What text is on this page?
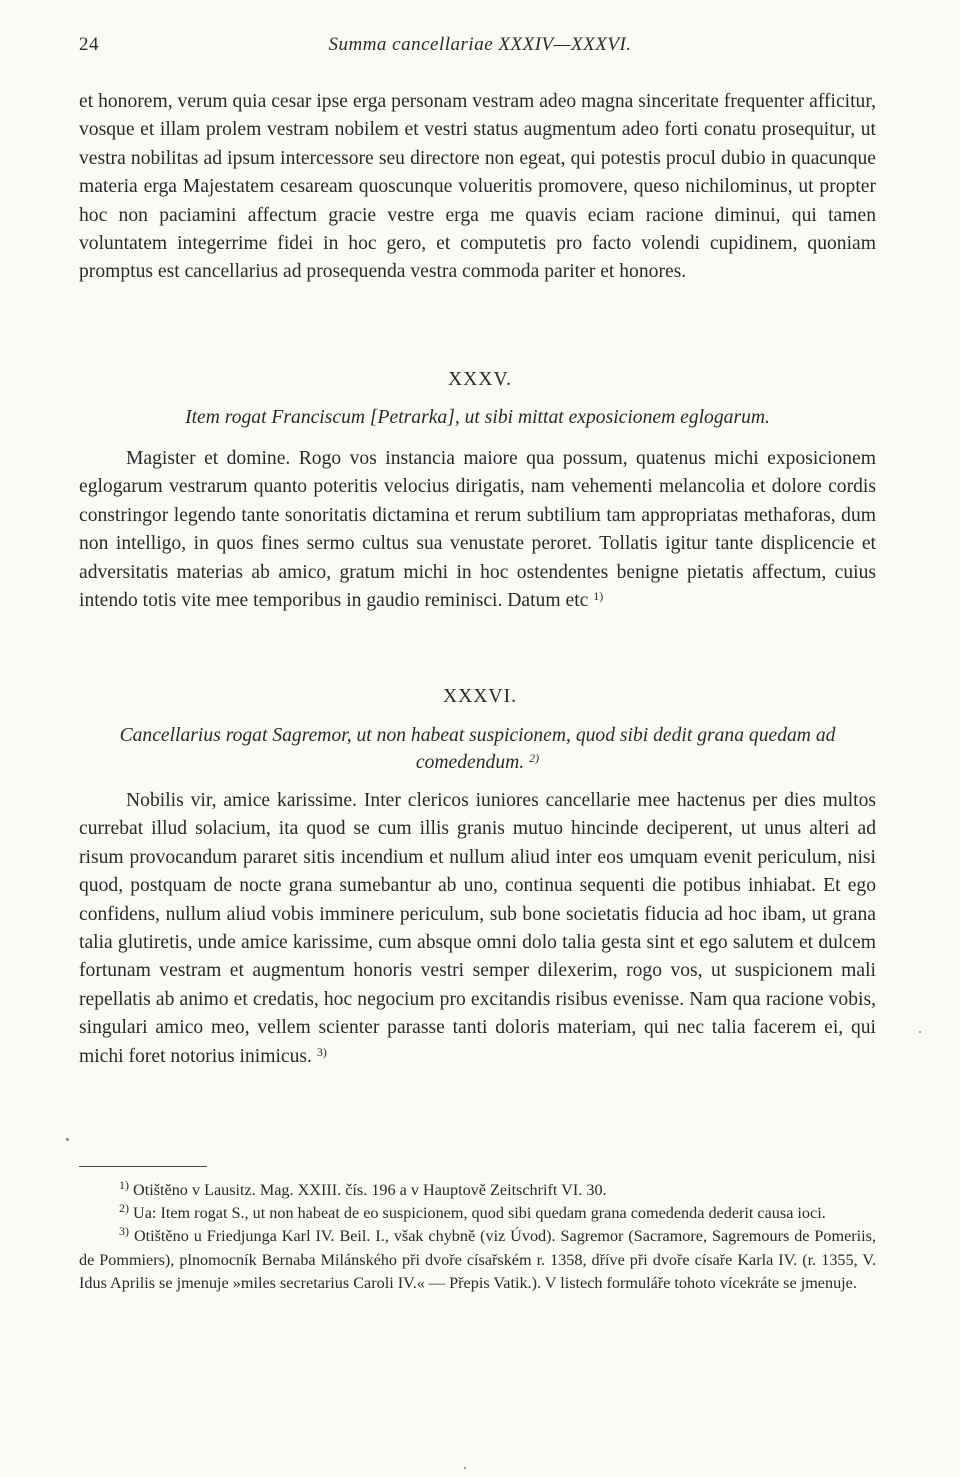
24	Summa cancellariae XXXIV—XXXVI.
et honorem, verum quia cesar ipse erga personam vestram adeo magna sinceritate frequenter afficitur, vosque et illam prolem vestram nobilem et vestri status augmentum adeo forti conatu prosequitur, ut vestra nobilitas ad ipsum intercessore seu directore non egeat, qui potestis procul dubio in quacunque materia erga Majestatem cesaream quoscunque volueritis promovere, queso nichilominus, ut propter hoc non paciamini affectum gracie vestre erga me quavis eciam racione diminui, qui tamen voluntatem integerrime fidei in hoc gero, et computetis pro facto volendi cupidinem, quoniam promptus est cancellarius ad prosequenda vestra commoda pariter et honores.
XXXV.
Item rogat Franciscum [Petrarka], ut sibi mittat exposicionem eglogarum.
Magister et domine. Rogo vos instancia maiore qua possum, quatenus michi exposicionem eglogarum vestrarum quanto poteritis velocius dirigatis, nam vehementi melancolia et dolore cordis constringor legendo tante sonoritatis dictamina et rerum subtilium tam appropriatas methaforas, dum non intelligo, in quos fines sermo cultus sua venustate peroret. Tollatis igitur tante displicencie et adversitatis materias ab amico, gratum michi in hoc ostendentes benigne pietatis affectum, cuius intendo totis vite mee temporibus in gaudio reminisci. Datum etc $^{1)}$
XXXVI.
Cancellarius rogat Sagremor, ut non habeat suspicionem, quod sibi dedit grana quedam ad comedendum. $^{2)}$
Nobilis vir, amice karissime. Inter clericos iuniores cancellarie mee hactenus per dies multos currebat illud solacium, ita quod se cum illis granis mutuo hincinde deciperent, ut unus alteri ad risum provocandum pararet sitis incendium et nullum aliud inter eos umquam evenit periculum, nisi quod, postquam de nocte grana sumebantur ab uno, continua sequenti die potibus inhiabat. Et ego confidens, nullum aliud vobis imminere periculum, sub bone societatis fiducia ad hoc ibam, ut grana talia glutiretis, unde amice karissime, cum absque omni dolo talia gesta sint et ego salutem et dulcem fortunam vestram et augmentum honoris vestri semper dilexerim, rogo vos, ut suspicionem mali repellatis ab animo et credatis, hoc negocium pro excitandis risibus evenisse. Nam qua racione vobis, singulari amico meo, vellem scienter parasse tanti doloris materiam, qui nec talia facerem ei, qui michi foret notorius inimicus. $^{3)}$

$^{1)}$ Otištěno v Lausitz. Mag. XXIII. čís. 196 a v Hauptově Zeitschrift VI. 30.

$^{2)}$ Ua: Item rogat S., ut non habeat de eo suspicionem, quod sibi quedam grana comedenda dederit causa ioci.

$^{3)}$ Otištěno u Friedjunga Karl IV. Beil. I., však chybně (viz Úvod). Sagremor (Sacramore, Sagremours de Pomeriis, de Pommiers), plnomocník Bernaba Milánského při dvoře císařském r. 1358, dříve při dvoře císaře Karla IV. (r. 1355, V. Idus Aprilis se jmenuje »miles secretarius Caroli IV.« — Přepis Vatik.). V listech formuláře tohoto vícekráte se jmenuje.
